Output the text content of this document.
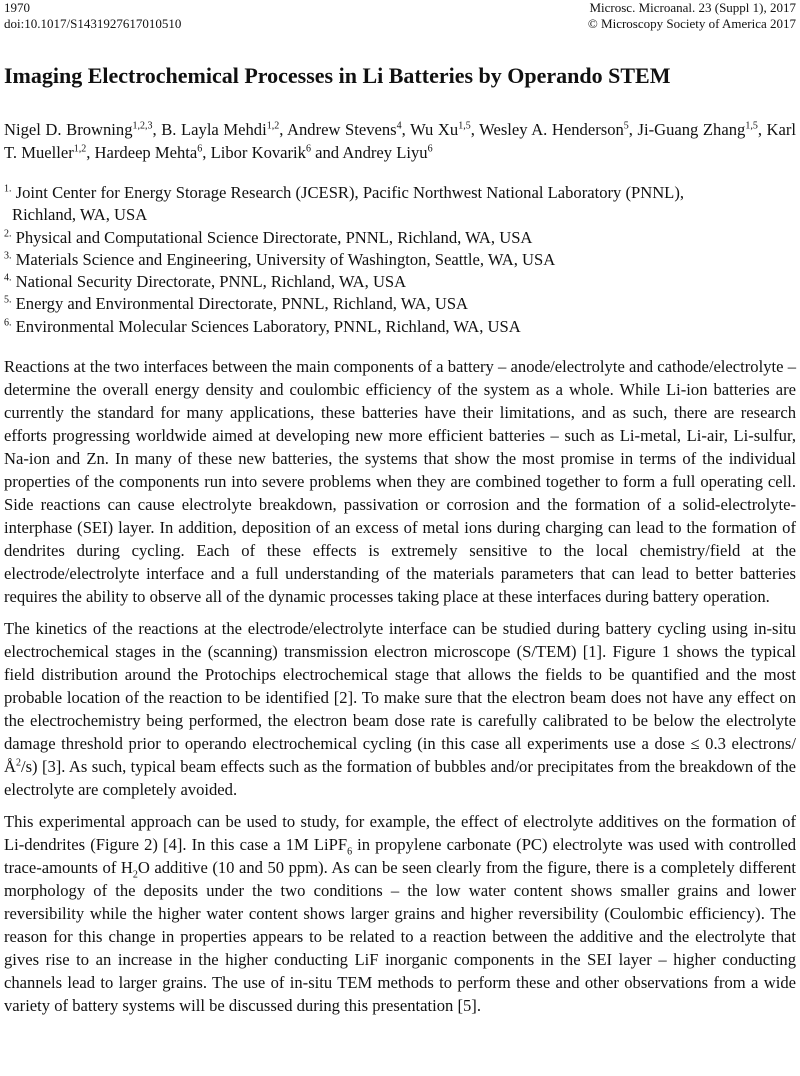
1970
doi:10.1017/S1431927617010510
Microsc. Microanal. 23 (Suppl 1), 2017
© Microscopy Society of America 2017
Imaging Electrochemical Processes in Li Batteries by Operando STEM
Nigel D. Browning$^{1,2,3}$, B. Layla Mehdi$^{1,2}$, Andrew Stevens$^4$, Wu Xu$^{1,5}$, Wesley A. Henderson$^5$, Ji-Guang Zhang$^{1,5}$, Karl T. Mueller$^{1,2}$, Hardeep Mehta$^6$, Libor Kovarik$^6$ and Andrey Liyu$^6$

$^{1.}$ Joint Center for Energy Storage Research (JCESR), Pacific Northwest National Laboratory (PNNL),

Richland, WA, USA

$^{2.}$ Physical and Computational Science Directorate, PNNL, Richland, WA, USA

$^{3.}$ Materials Science and Engineering, University of Washington, Seattle, WA, USA

$^{4.}$ National Security Directorate, PNNL, Richland, WA, USA

$^{5.}$ Energy and Environmental Directorate, PNNL, Richland, WA, USA

$^{6.}$ Environmental Molecular Sciences Laboratory, PNNL, Richland, WA, USA

Reactions at the two interfaces between the main components of a battery – anode/electrolyte and cathode/electrolyte – determine the overall energy density and coulombic efficiency of the system as a whole. While Li-ion batteries are currently the standard for many applications, these batteries have their limitations, and as such, there are research efforts progressing worldwide aimed at developing new more efficient batteries – such as Li-metal, Li-air, Li-sulfur, Na-ion and Zn. In many of these new batteries, the systems that show the most promise in terms of the individual properties of the components run into severe problems when they are combined together to form a full operating cell. Side reactions can cause electrolyte breakdown, passivation or corrosion and the formation of a solid-electrolyte-interphase (SEI) layer. In addition, deposition of an excess of metal ions during charging can lead to the formation of dendrites during cycling. Each of these effects is extremely sensitive to the local chemistry/field at the electrode/electrolyte interface and a full understanding of the materials parameters that can lead to better batteries requires the ability to observe all of the dynamic processes taking place at these interfaces during battery operation.

The kinetics of the reactions at the electrode/electrolyte interface can be studied during battery cycling using in-situ electrochemical stages in the (scanning) transmission electron microscope (S/TEM) [1]. Figure 1 shows the typical field distribution around the Protochips electrochemical stage that allows the fields to be quantified and the most probable location of the reaction to be identified [2]. To make sure that the electron beam does not have any effect on the electrochemistry being performed, the electron beam dose rate is carefully calibrated to be below the electrolyte damage threshold prior to operando electrochemical cycling (in this case all experiments use a dose ≤ 0.3 electrons/$Å^2/s$) [3]. As such, typical beam effects such as the formation of bubbles and/or precipitates from the breakdown of the electrolyte are completely avoided.

This experimental approach can be used to study, for example, the effect of electrolyte additives on the formation of Li-dendrites (Figure 2) [4]. In this case a 1M LiPF$_6$ in propylene carbonate (PC) electrolyte was used with controlled trace-amounts of $H_2O$ additive (10 and 50 ppm). As can be seen clearly from the figure, there is a completely different morphology of the deposits under the two conditions – the low water content shows smaller grains and lower reversibility while the higher water content shows larger grains and higher reversibility (Coulombic efficiency). The reason for this change in properties appears to be related to a reaction between the additive and the electrolyte that gives rise to an increase in the higher conducting LiF inorganic components in the SEI layer – higher conducting channels lead to larger grains. The use of in-situ TEM methods to perform these and other observations from a wide variety of battery systems will be discussed during this presentation [5].
